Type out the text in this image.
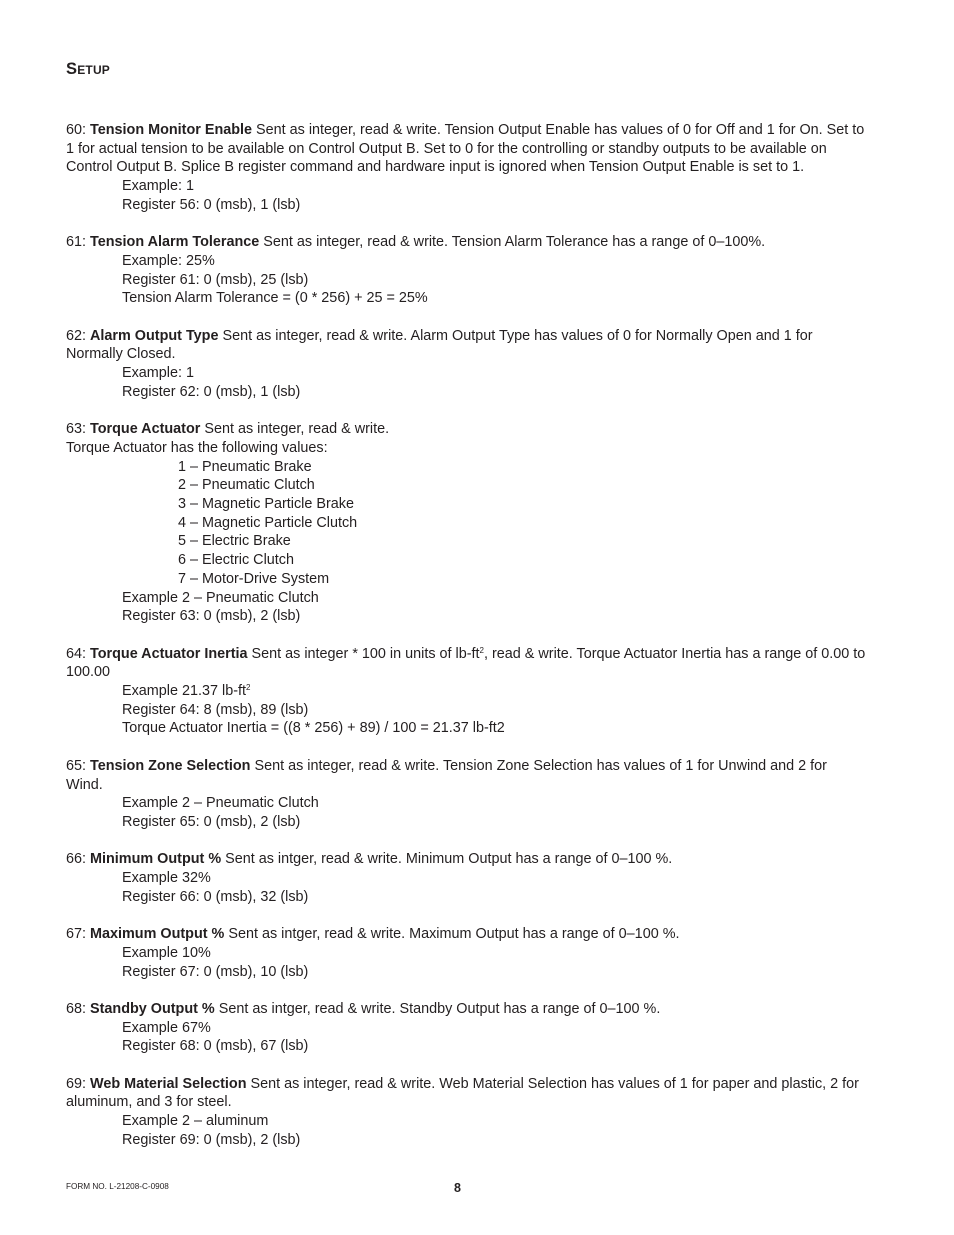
Setup

60: Tension Monitor Enable Sent as integer, read & write. Tension Output Enable has values of 0 for Off and 1 for On. Set to 1 for actual tension to be available on Control Output B. Set to 0 for the controlling or standby outputs to be available on Control Output B. Splice B register command and hardware input is ignored when Tension Output Enable is set to 1.

Example: 1

Register 56: 0 (msb), 1 (lsb)

61: Tension Alarm Tolerance Sent as integer, read & write. Tension Alarm Tolerance has a range of 0–100%.

Example: 25%

Register 61: 0 (msb), 25 (lsb)

Tension Alarm Tolerance = (0 * 256) + 25 = 25%

62: Alarm Output Type Sent as integer, read & write. Alarm Output Type has values of 0 for Normally Open and 1 for Normally Closed.

Example: 1

Register 62: 0 (msb), 1 (lsb)

63: Torque Actuator Sent as integer, read & write.

Torque Actuator has the following values:

1 – Pneumatic Brake

2 – Pneumatic Clutch

3 – Magnetic Particle Brake

4 – Magnetic Particle Clutch

5 – Electric Brake

6 – Electric Clutch

7 – Motor-Drive System

Example 2 – Pneumatic Clutch

Register 63: 0 (msb), 2 (lsb)

64: Torque Actuator Inertia Sent as integer * 100 in units of $lb-ft^2$, read & write. Torque Actuator Inertia has a range of 0.00 to 100.00

Example 21.37 $lb-ft^2$

Register 64: 8 (msb), 89 (lsb)

Torque Actuator Inertia = ((8 * 256) + 89) / 100 = 21.37 lb-ft2

65: Tension Zone Selection Sent as integer, read & write. Tension Zone Selection has values of 1 for Unwind and 2 for Wind.

Example 2 – Pneumatic Clutch

Register 65: 0 (msb), 2 (lsb)

66: Minimum Output % Sent as intger, read & write. Minimum Output has a range of 0–100 %.

Example 32%

Register 66: 0 (msb), 32 (lsb)

67: Maximum Output % Sent as intger, read & write. Maximum Output has a range of 0–100 %.

Example 10%

Register 67: 0 (msb), 10 (lsb)

68: Standby Output % Sent as intger, read & write. Standby Output has a range of 0–100 %.

Example 67%

Register 68: 0 (msb), 67 (lsb)

69: Web Material Selection Sent as integer, read & write. Web Material Selection has values of 1 for paper and plastic, 2 for aluminum, and 3 for steel.

Example 2 – aluminum

Register 69: 0 (msb), 2 (lsb)

FORM NO. L-21208-C-0908	8
